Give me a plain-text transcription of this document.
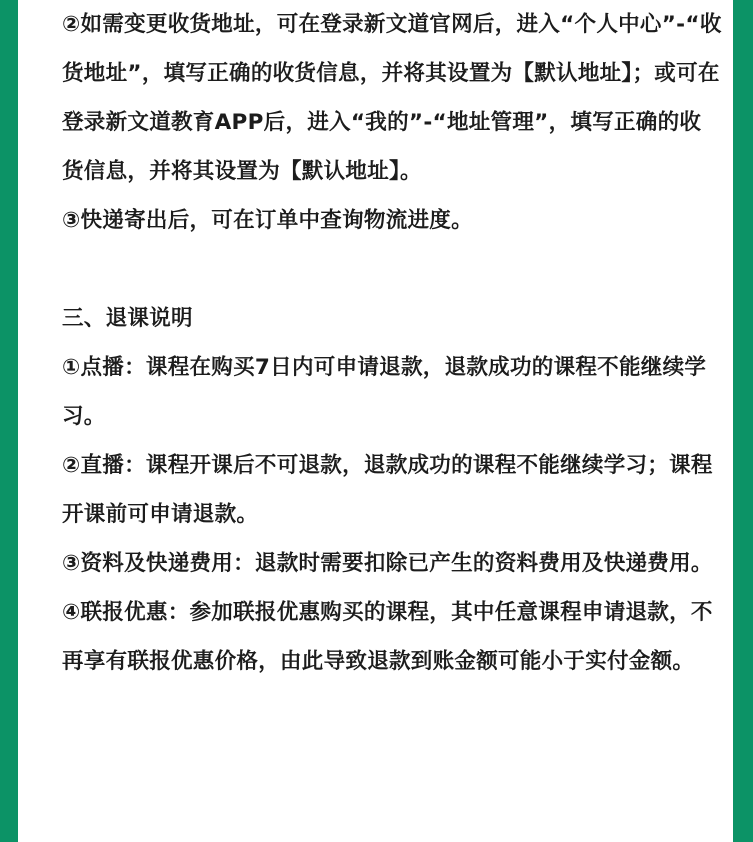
②如需变更收货地址，可在登录新文道官网后，进入“个人中心”-“收货地址”，填写正确的收货信息，并将其设置为【默认地址】；或可在登录新文道教育APP后，进入“我的”-“地址管理”，填写正确的收货信息，并将其设置为【默认地址】。

③快递寄出后，可在订单中查询物流进度。

三、退课说明

①点播：课程在购买7日内可申请退款，退款成功的课程不能继续学习。

②直播：课程开课后不可退款，退款成功的课程不能继续学习；课程开课前可申请退款。

③资料及快递费用：退款时需要扣除已产生的资料费用及快递费用。

④联报优惠：参加联报优惠购买的课程，其中任意课程申请退款，不再享有联报优惠价格，由此导致退款到账金额可能小于实付金额。
